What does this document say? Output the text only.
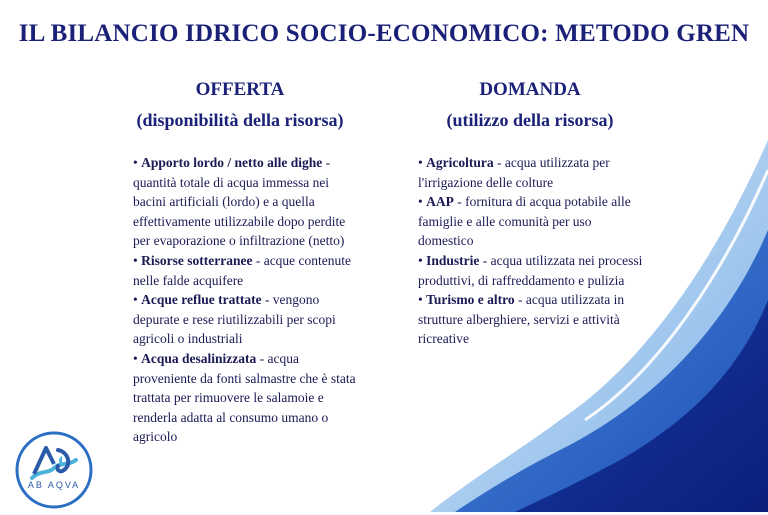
IL BILANCIO IDRICO SOCIO-ECONOMICO: METODO GREN
OFFERTA
(disponibilità della risorsa)
DOMANDA
(utilizzo della risorsa)

• Apporto lordo / netto alle dighe - quantità totale di acqua immessa nei bacini artificiali (lordo) e a quella effettivamente utilizzabile dopo perdite per evaporazione o infiltrazione (netto)

• Risorse sotterranee - acque contenute nelle falde acquifere

• Acque reflue trattate - vengono depurate e rese riutilizzabili per scopi agricoli o industriali

• Acqua desalinizzata - acqua proveniente da fonti salmastre che è stata trattata per rimuovere le salamoie e renderla adatta al consumo umano o agricolo

• Agricoltura - acqua utilizzata per l'irrigazione delle colture

• AAP - fornitura di acqua potabile alle famiglie e alle comunità per uso domestico

• Industrie - acqua utilizzata nei processi produttivi, di raffreddamento e pulizia

• Turismo e altro - acqua utilizzata in strutture alberghiere, servizi e attività ricreative

AB AQVA
